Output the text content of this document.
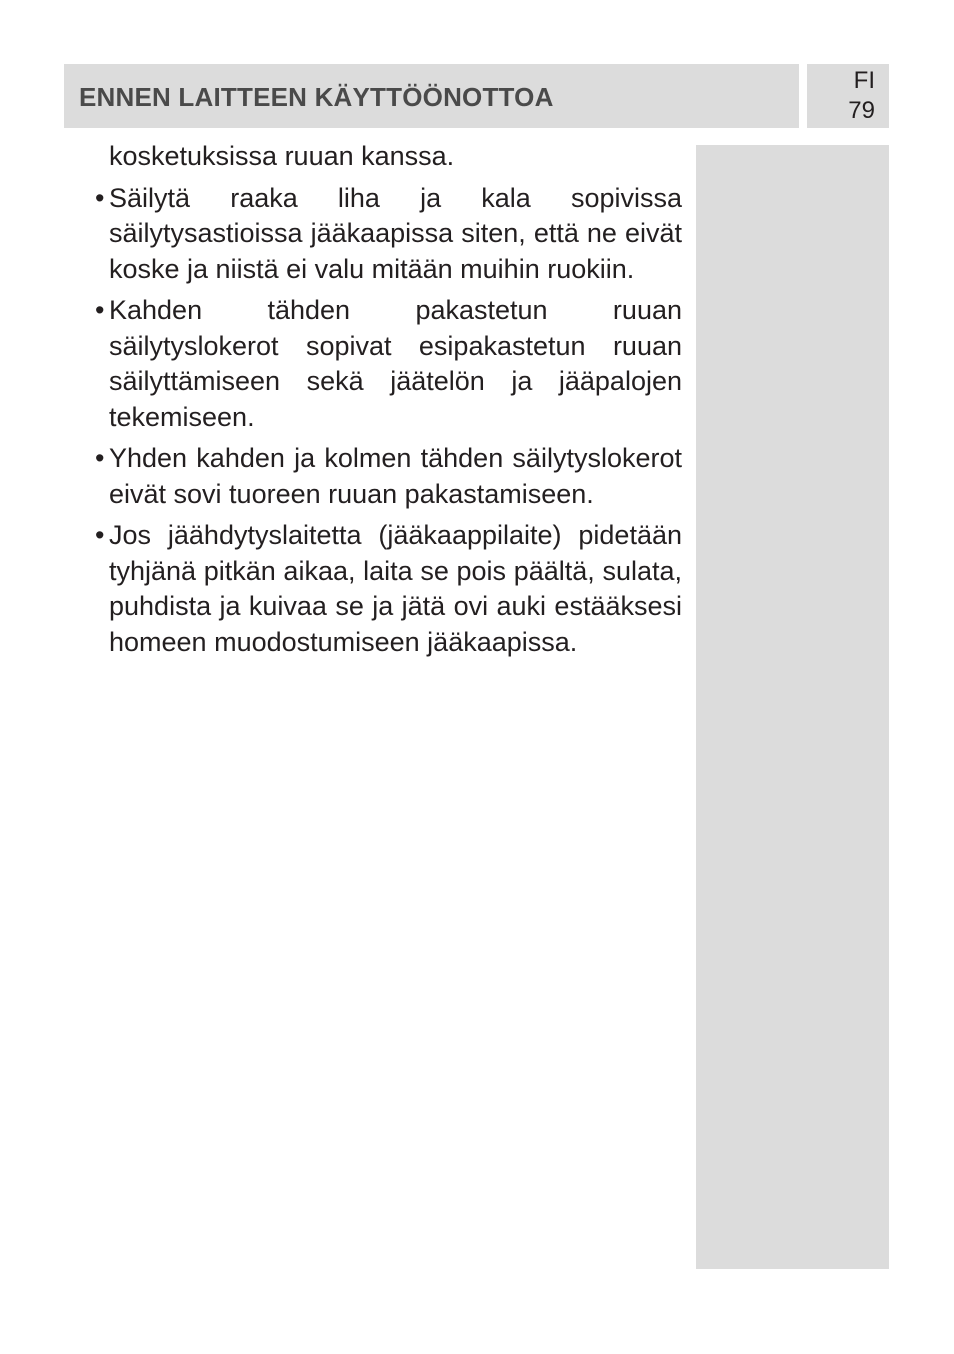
ENNEN LAITTEEN KÄYTTÖÖNOTTOA
FI
79

kosketuksissa ruuan kanssa.

• Säilytä raaka liha ja kala sopivissa säilytysastioissa jääkaapissa siten, että ne eivät koske ja niistä ei valu mitään muihin ruokiin.

• Kahden tähden pakastetun ruuan säilytyslokerot sopivat esipakastetun ruuan säilyttämiseen sekä jäätelön ja jääpalojen tekemiseen.

• Yhden kahden ja kolmen tähden säilytyslokerot eivät sovi tuoreen ruuan pakastamiseen.

• Jos jäähdytyslaitetta (jääkaappilaite) pidetään tyhjänä pitkän aikaa, laita se pois päältä, sulata, puhdista ja kuivaa se ja jätä ovi auki estääksesi homeen muodostumiseen jääkaapissa.
